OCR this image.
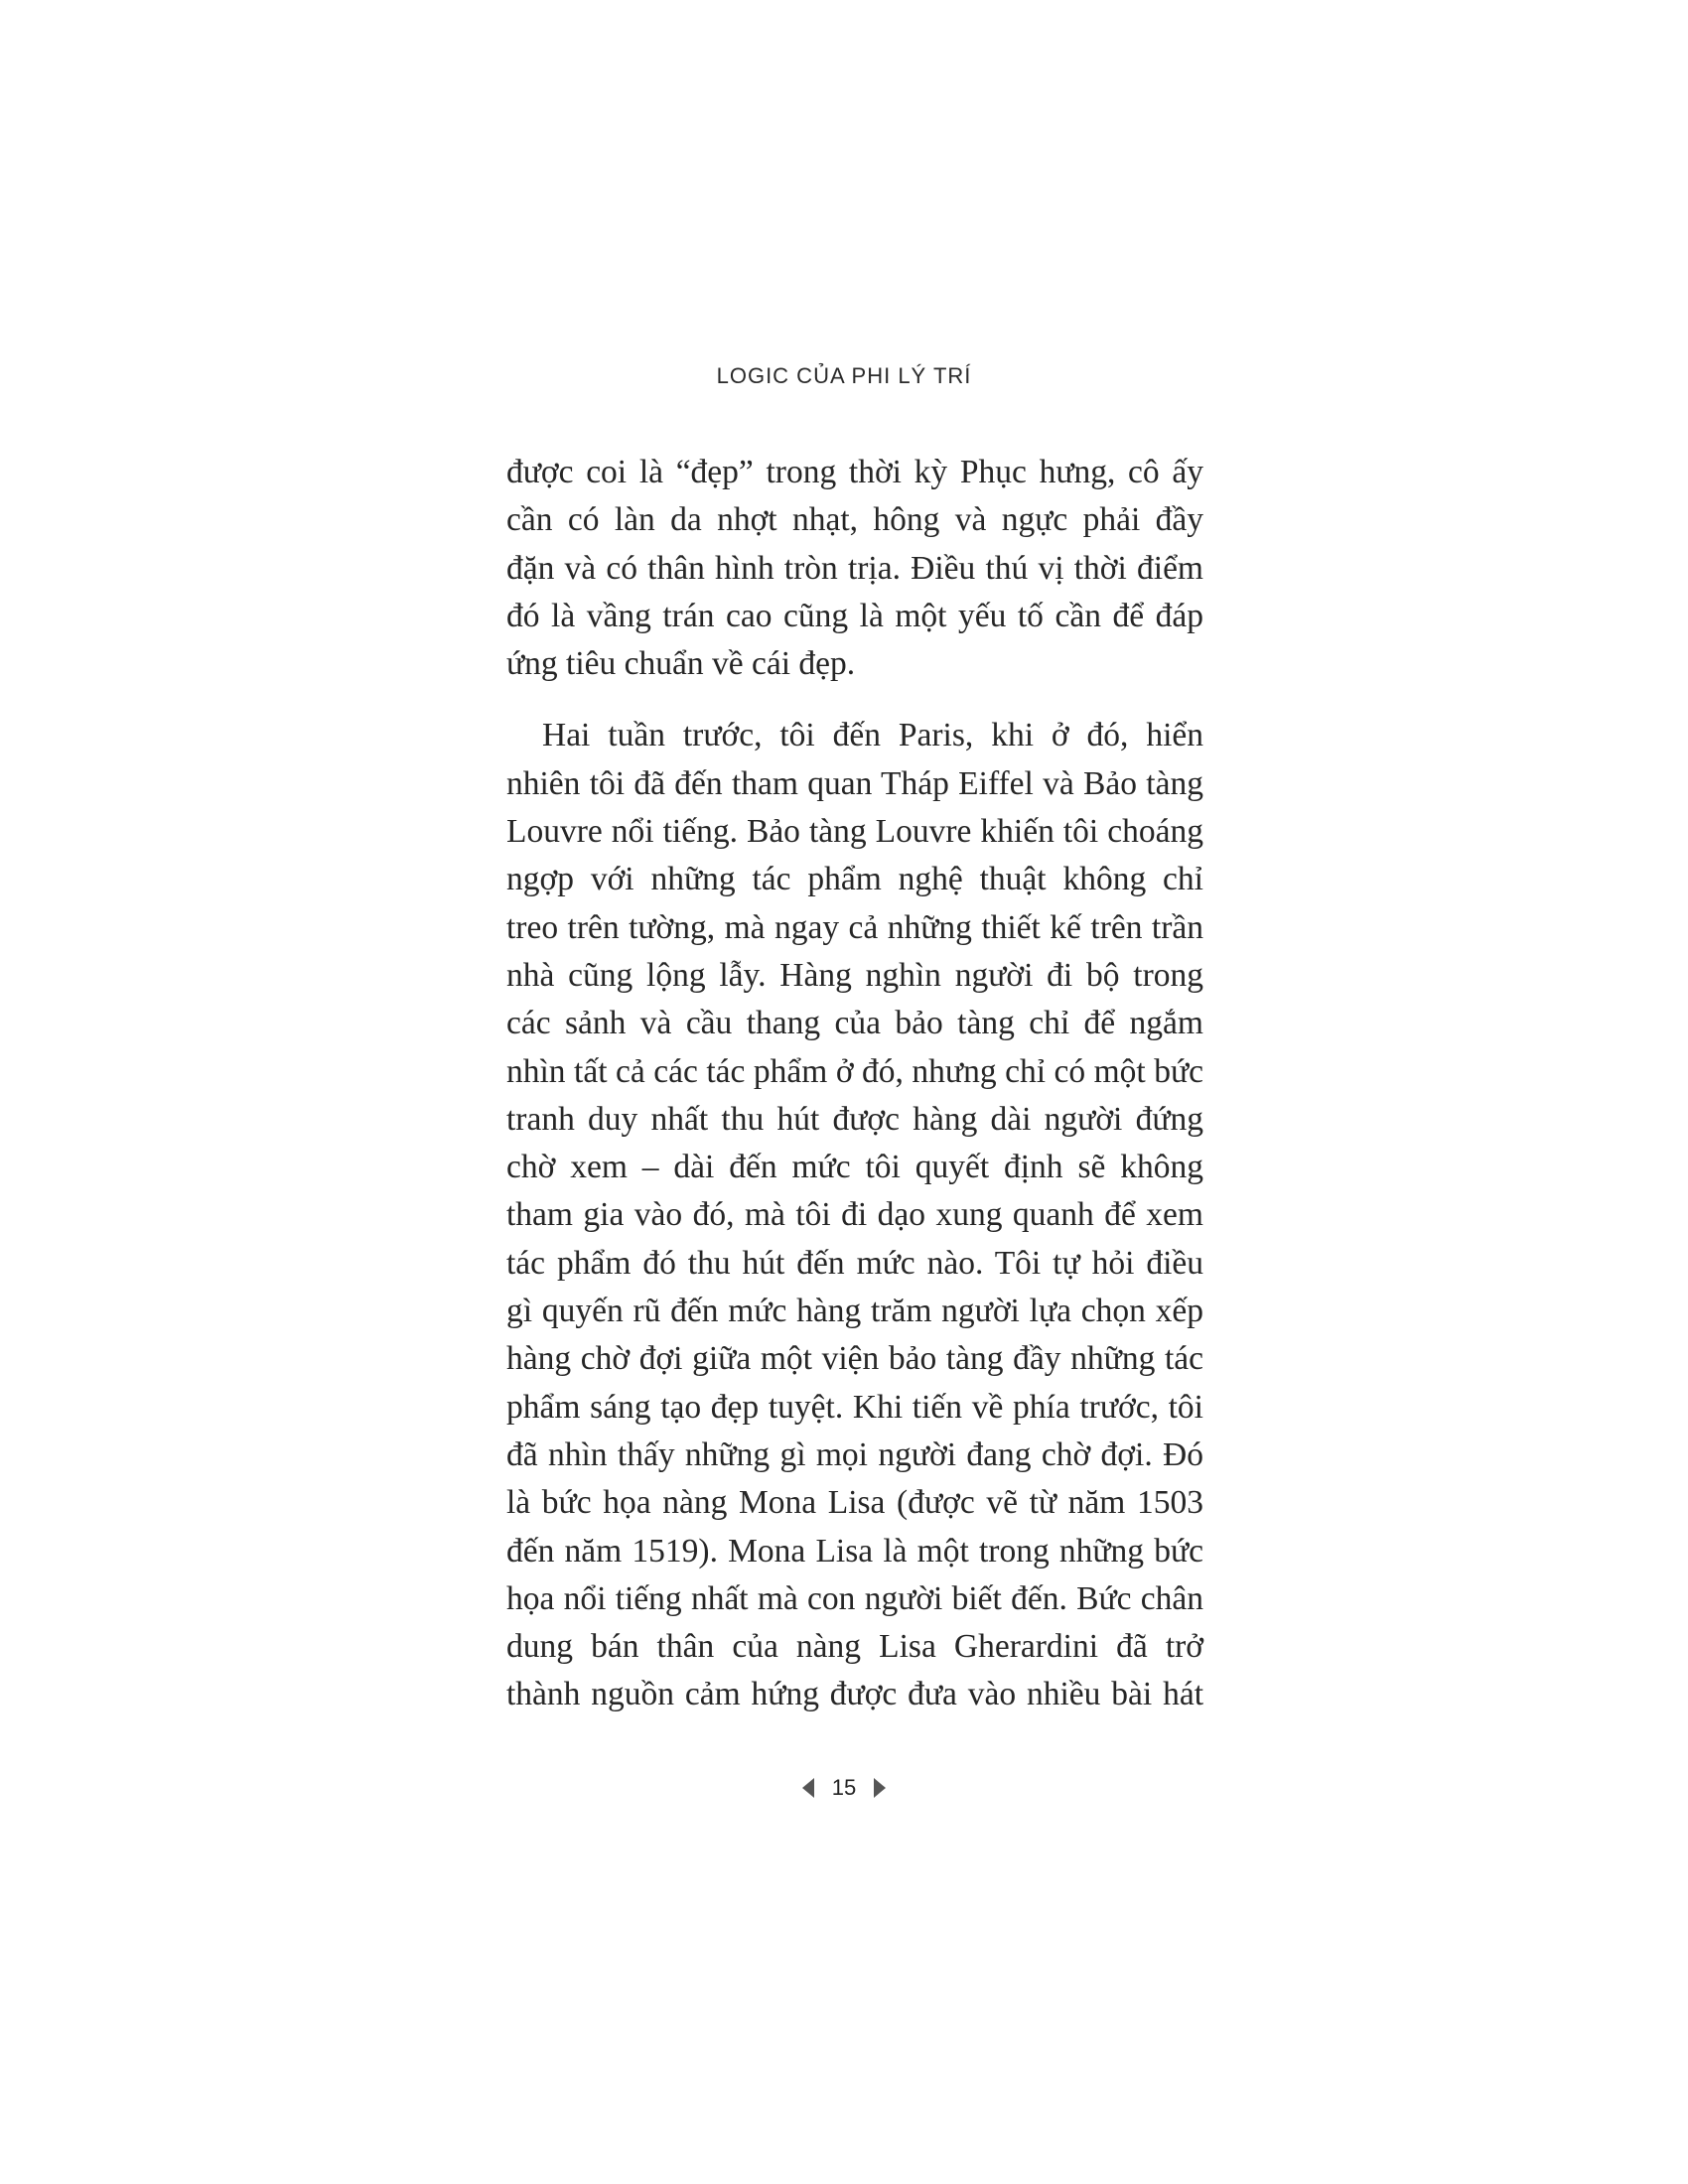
LOGIC CỦA PHI LÝ TRÍ

được coi là “đẹp” trong thời kỳ Phục hưng, cô ấy
cần có làn da nhợt nhạt, hông và ngực phải đầy
đặn và có thân hình tròn trịa. Điều thú vị thời điểm
đó là vầng trán cao cũng là một yếu tố cần để đáp
ứng tiêu chuẩn về cái đẹp.

Hai tuần trước, tôi đến Paris, khi ở đó, hiển
nhiên tôi đã đến tham quan Tháp Eiffel và Bảo tàng
Louvre nổi tiếng. Bảo tàng Louvre khiến tôi choáng
ngợp với những tác phẩm nghệ thuật không chỉ
treo trên tường, mà ngay cả những thiết kế trên trần
nhà cũng lộng lẫy. Hàng nghìn người đi bộ trong
các sảnh và cầu thang của bảo tàng chỉ để ngắm
nhìn tất cả các tác phẩm ở đó, nhưng chỉ có một bức
tranh duy nhất thu hút được hàng dài người đứng
chờ xem – dài đến mức tôi quyết định sẽ không
tham gia vào đó, mà tôi đi dạo xung quanh để xem
tác phẩm đó thu hút đến mức nào. Tôi tự hỏi điều
gì quyến rũ đến mức hàng trăm người lựa chọn xếp
hàng chờ đợi giữa một viện bảo tàng đầy những tác
phẩm sáng tạo đẹp tuyệt. Khi tiến về phía trước, tôi
đã nhìn thấy những gì mọi người đang chờ đợi. Đó
là bức họa nàng Mona Lisa (được vẽ từ năm 1503
đến năm 1519). Mona Lisa là một trong những bức
họa nổi tiếng nhất mà con người biết đến. Bức chân
dung bán thân của nàng Lisa Gherardini đã trở
thành nguồn cảm hứng được đưa vào nhiều bài hát

15
